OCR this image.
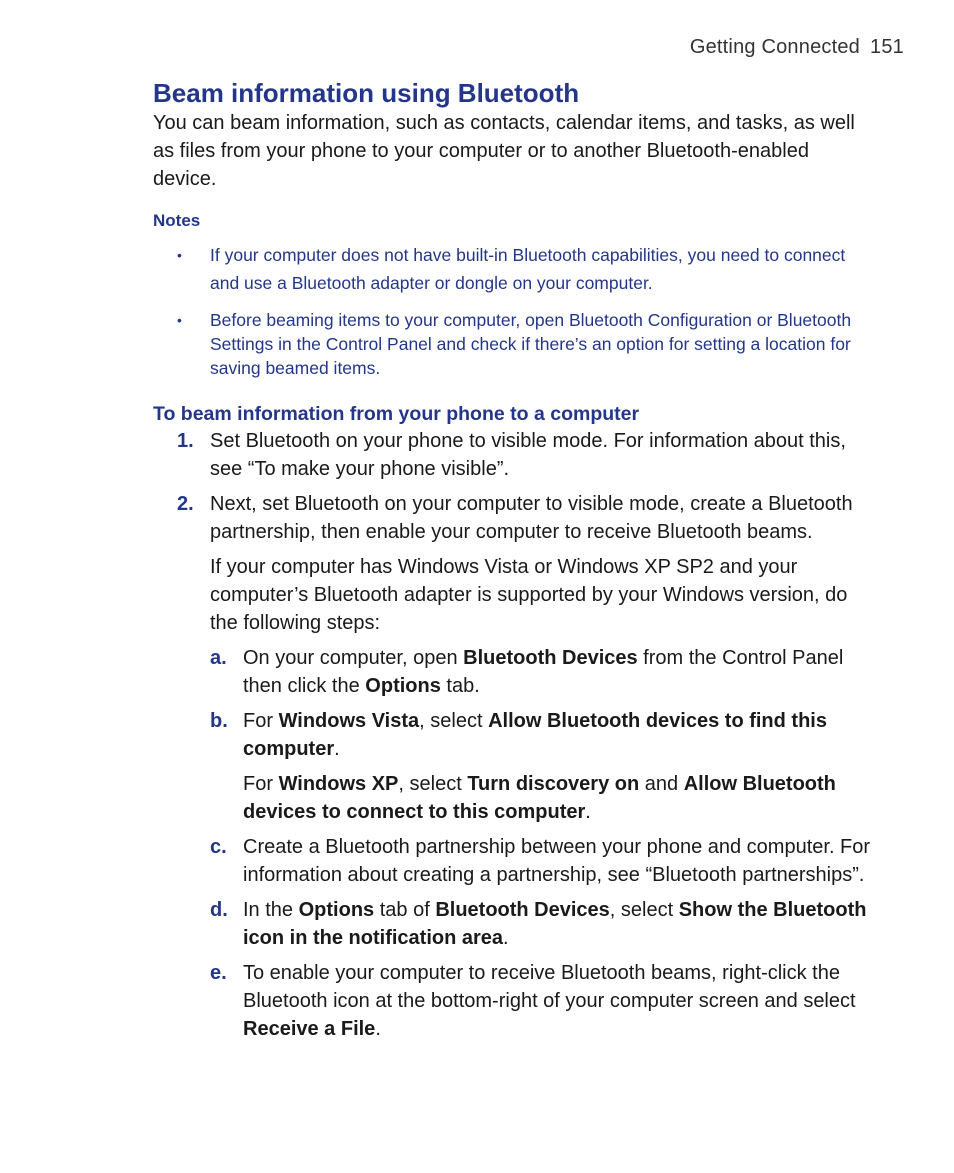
Getting Connected 151
Beam information using Bluetooth

You can beam information, such as contacts, calendar items, and tasks, as well as files from your phone to your computer or to another Bluetooth-enabled device.

Notes
• If your computer does not have built-in Bluetooth capabilities, you need to connect and use a Bluetooth adapter or dongle on your computer.
• Before beaming items to your computer, open Bluetooth Configuration or Bluetooth Settings in the Control Panel and check if there’s an option for setting a location for saving beamed items.
To beam information from your phone to a computer
1. Set Bluetooth on your phone to visible mode. For information about this, see “To make your phone visible”.

2. Next, set Bluetooth on your computer to visible mode, create a Bluetooth partnership, then enable your computer to receive Bluetooth beams.

If your computer has Windows Vista or Windows XP SP2 and your computer’s Bluetooth adapter is supported by your Windows version, do the following steps:

a. On your computer, open Bluetooth Devices from the Control Panel then click the Options tab.

b. For Windows Vista, select Allow Bluetooth devices to find this computer.

For Windows XP, select Turn discovery on and Allow Bluetooth devices to connect to this computer.

c. Create a Bluetooth partnership between your phone and computer. For information about creating a partnership, see “Bluetooth partnerships”.

d. In the Options tab of Bluetooth Devices, select Show the Bluetooth icon in the notification area.

e. To enable your computer to receive Bluetooth beams, right-click the Bluetooth icon at the bottom-right of your computer screen and select Receive a File.
